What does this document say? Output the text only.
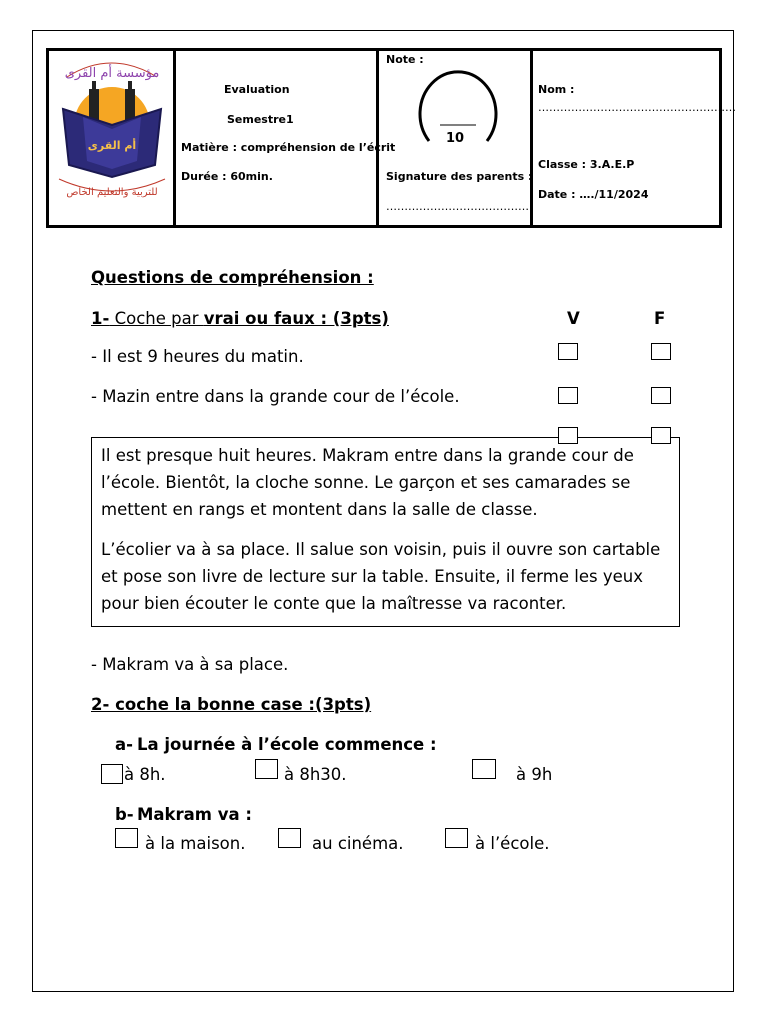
مؤسسة أم القرى
أم القرى
للتربية والتعليم الخاص
Evaluation
Semestre1
Matière : compréhension de l’écrit
Durée : 60min.
Note :
10
Signature des parents :
…………………………………
Nom :
………………………………………………
Classe : 3.A.E.P
Date : …./11/2024
Questions de compréhension :
1- Coche par vrai ou faux : (3pts)	V	F
- Il est 9 heures du matin.
- Mazin entre dans la grande cour de l’école.

Il est presque huit heures. Makram entre dans la grande cour de l’école. Bientôt, la cloche sonne. Le garçon et ses camarades se mettent en rangs et montent dans la salle de classe.

L’écolier va à sa place. Il salue son voisin, puis il ouvre son cartable et pose son livre de lecture sur la table. Ensuite, il ferme les yeux pour bien écouter le conte que la maîtresse va raconter.

- Makram va à sa place.
2- coche la bonne case :(3pts)
a- La journée à l’école commence :
à 8h.	à 8h30.	à 9h
b- Makram va :
à la maison.	au cinéma.	à l’école.
